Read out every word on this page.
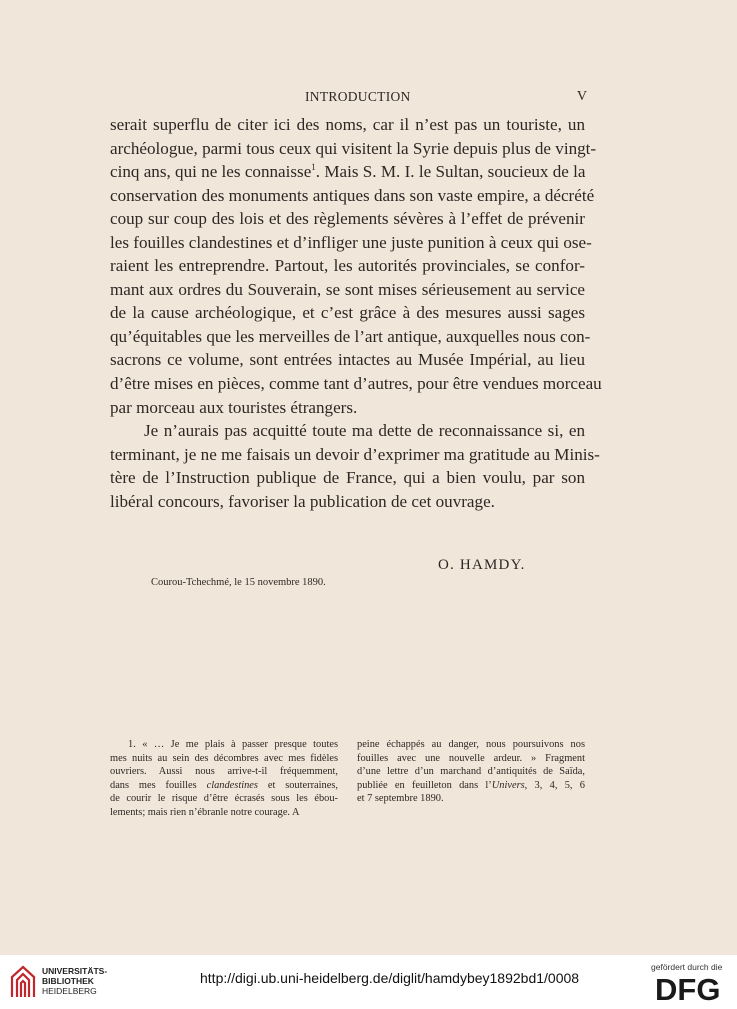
INTRODUCTION	V

serait superflu de citer ici des noms, car il n’est pas un touriste, un
archéologue, parmi tous ceux qui visitent la Syrie depuis plus de vingt-
cinq ans, qui ne les connaisse$^1$. Mais S. M. I. le Sultan, soucieux de la
conservation des monuments antiques dans son vaste empire, a décrété
coup sur coup des lois et des règlements sévères à l’effet de prévenir
les fouilles clandestines et d’infliger une juste punition à ceux qui ose-
raient les entreprendre. Partout, les autorités provinciales, se confor-
mant aux ordres du Souverain, se sont mises sérieusement au service
de la cause archéologique, et c’est grâce à des mesures aussi sages
qu’équitables que les merveilles de l’art antique, auxquelles nous con-
sacrons ce volume, sont entrées intactes au Musée Impérial, au lieu
d’être mises en pièces, comme tant d’autres, pour être vendues morceau
par morceau aux touristes étrangers.

Je n’aurais pas acquitté toute ma dette de reconnaissance si, en
terminant, je ne me faisais un devoir d’exprimer ma gratitude au Minis-
tère de l’Instruction publique de France, qui a bien voulu, par son
libéral concours, favoriser la publication de cet ouvrage.

O. HAMDY.
Courou-Tchechmé, le 15 novembre 1890.
1. « … Je me plais à passer presque toutes
mes nuits au sein des décombres avec mes fidèles
ouvriers. Aussi nous arrive-t-il fréquemment,
dans mes fouilles clandestines et souterraines,
de courir le risque d’être écrasés sous les ébou-
lements; mais rien n’ébranle notre courage. A
peine échappés au danger, nous poursuivons nos
fouilles avec une nouvelle ardeur. » Fragment
d’une lettre d’un marchand d’antiquités de Saïda,
publiée en feuilleton dans l’Univers, 3, 4, 5, 6
et 7 septembre 1890.
UNIVERSITÄTS-
BIBLIOTHEK
HEIDELBERG
http://digi.ub.uni-heidelberg.de/diglit/hamdybey1892bd1/0008
gefördert durch die
DFG
